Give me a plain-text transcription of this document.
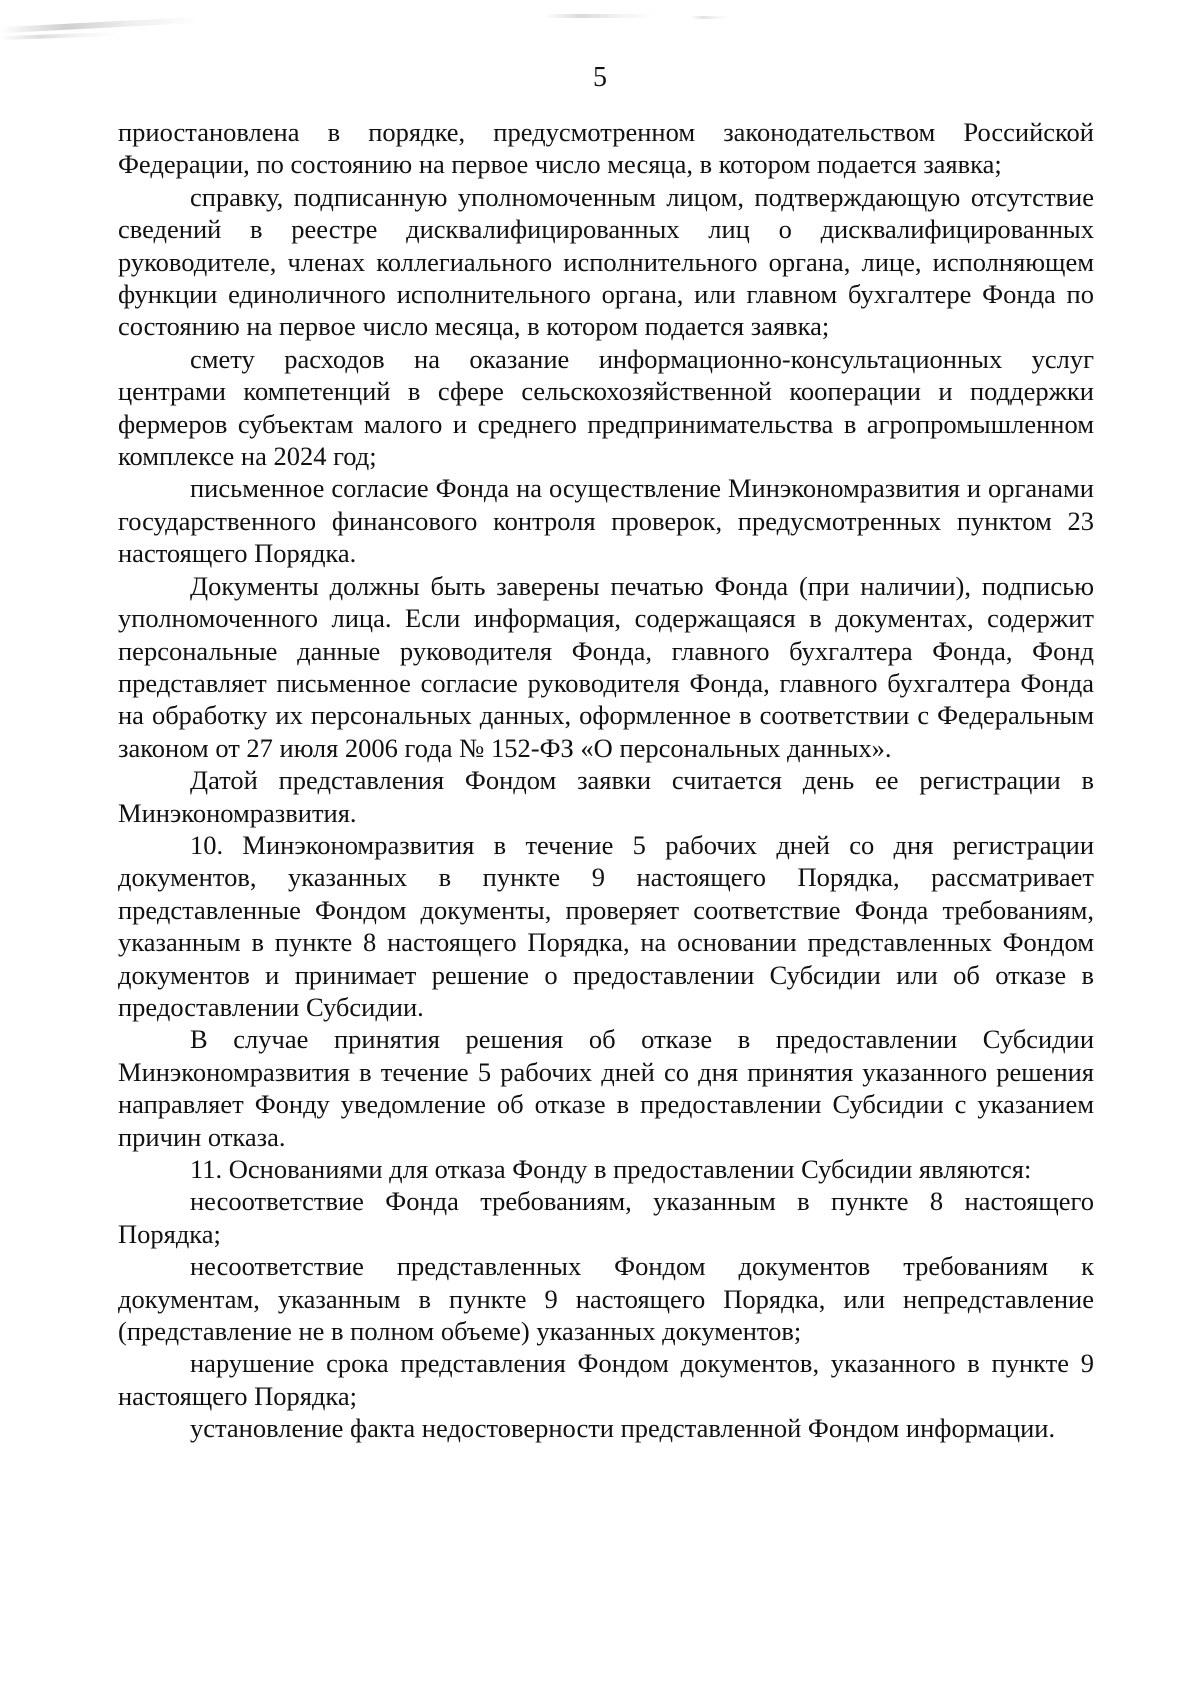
5

приостановлена в порядке, предусмотренном законодательством Российской Федерации, по состоянию на первое число месяца, в котором подается заявка;

справку, подписанную уполномоченным лицом, подтверждающую отсутствие сведений в реестре дисквалифицированных лиц о дисквалифицированных руководителе, членах коллегиального исполнительного органа, лице, исполняющем функции единоличного исполнительного органа, или главном бухгалтере Фонда по состоянию на первое число месяца, в котором подается заявка;

смету расходов на оказание информационно-консультационных услуг центрами компетенций в сфере сельскохозяйственной кооперации и поддержки фермеров субъектам малого и среднего предпринимательства в агропромышленном комплексе на 2024 год;

письменное согласие Фонда на осуществление Минэкономразвития и органами государственного финансового контроля проверок, предусмотренных пунктом 23 настоящего Порядка.

Документы должны быть заверены печатью Фонда (при наличии), подписью уполномоченного лица. Если информация, содержащаяся в документах, содержит персональные данные руководителя Фонда, главного бухгалтера Фонда, Фонд представляет письменное согласие руководителя Фонда, главного бухгалтера Фонда на обработку их персональных данных, оформленное в соответствии с Федеральным законом от 27 июля 2006 года № 152-ФЗ «О персональных данных».

Датой представления Фондом заявки считается день ее регистрации в Минэкономразвития.

10. Минэкономразвития в течение 5 рабочих дней со дня регистрации документов, указанных в пункте 9 настоящего Порядка, рассматривает представленные Фондом документы, проверяет соответствие Фонда требованиям, указанным в пункте 8 настоящего Порядка, на основании представленных Фондом документов и принимает решение о предоставлении Субсидии или об отказе в предоставлении Субсидии.

В случае принятия решения об отказе в предоставлении Субсидии Минэкономразвития в течение 5 рабочих дней со дня принятия указанного решения направляет Фонду уведомление об отказе в предоставлении Субсидии с указанием причин отказа.

11. Основаниями для отказа Фонду в предоставлении Субсидии являются:

несоответствие Фонда требованиям, указанным в пункте 8 настоящего Порядка;

несоответствие представленных Фондом документов требованиям к документам, указанным в пункте 9 настоящего Порядка, или непредставление (представление не в полном объеме) указанных документов;

нарушение срока представления Фондом документов, указанного в пункте 9 настоящего Порядка;

установление факта недостоверности представленной Фондом информации.
